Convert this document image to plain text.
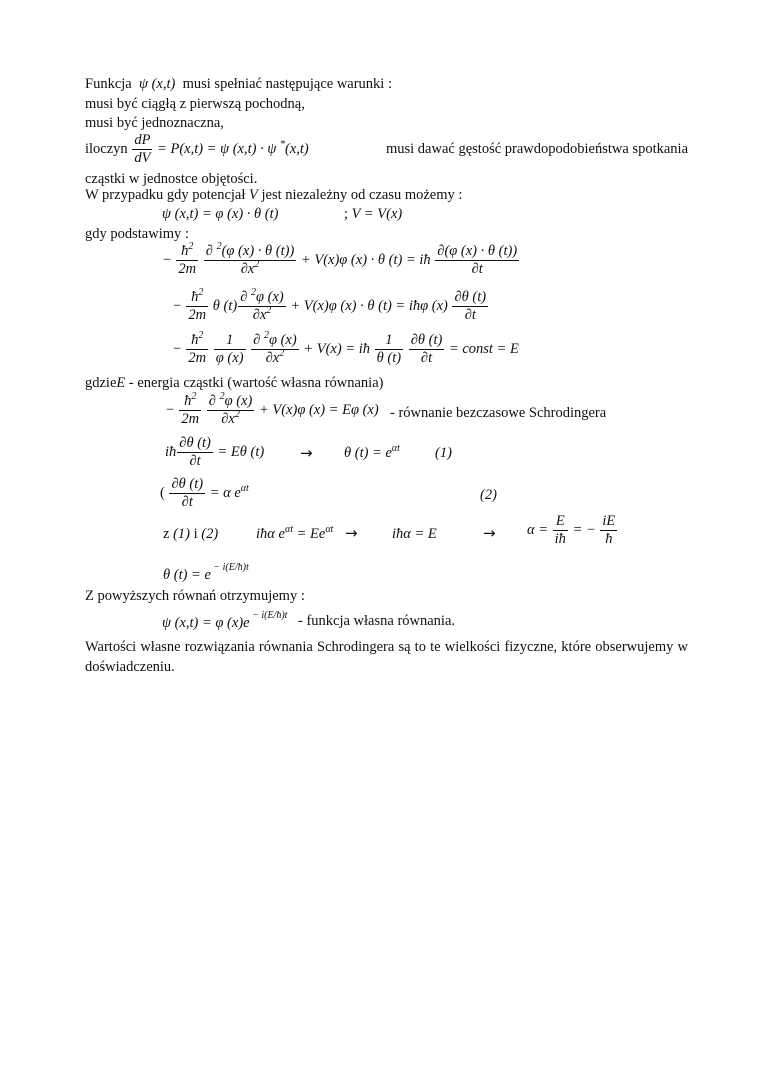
Funkcja  ψ (x,t)  musi spełniać następujące warunki :
musi być ciągłą z pierwszą pochodną,
musi być jednoznaczna,
iloczyn $\frac{dP}{dV} = P(x,t) = \psi$ (x,t) · ψ *(x,t)	musi dawać gęstość prawdopodobieństwa spotkania
cząstki w jednostce objętości.
W przypadku gdy potencjał V jest niezależny od czasu możemy :
ψ (x,t) = φ (x) · θ (t)	; V = V(x)
gdy podstawimy :
− $\frac{ħ^2}{2m}$
$\frac{\partial ^2(\varphi (x) \cdot \theta (t))}{\partial x^2} + V(x)\varphi$ (x) · θ (t) = iħ $\frac{\partial(\varphi (x) \cdot \theta (t))}{\partial t}$
− $\frac{ħ^2}{2m}$ θ $(t) \frac{\partial ^2\varphi (x)}{\partial x^2} + V(x)\varphi$ (x) · θ (t) = iħφ $(x) \frac{\partial\theta (t)}{\partial t}$
− $\frac{ħ^2}{2m}$
$\frac{1}{\varphi (x)}$
$\frac{\partial ^2\varphi (x)}{\partial x^2} + V(x)$ = iħ $\frac{1}{\theta (t)}$
$\frac{\partial\theta (t)}{\partial t}$ = const = E
gdzieE - energia cząstki (wartość własna równania)
− $\frac{ħ^2}{2m}$
$\frac{\partial ^2\varphi (x)}{\partial x^2} + V(x)\varphi$ (x) = Eφ (x) - równanie bezczasowe Schrodingera
iħ $\frac{\partial\theta (t)}{\partial t} = E\theta$ (t) → θ $(t) = e^{\alpha t}$ (1)
( $\frac{\partial\theta (t)}{\partial t} = \alpha$ $e^{\alpha t}$	(2)
z (1) i (2)	iħα $e^{\alpha t} = Ee^{\alpha t}$ → iħα = E	→ $\alpha = \frac{E}{iħ}$ = − $\frac{iE}{ħ}$
θ (t) = e $^{- i(E/ħ)t}$
Z powyższych równań otrzymujemy :
ψ (x,t) = φ (x)e $^{- i(E/ħ)t}$ - funkcja własna równania.
Wartości własne rozwiązania równania Schrodingera są to te wielkości fizyczne, które obserwujemy w doświadczeniu.
